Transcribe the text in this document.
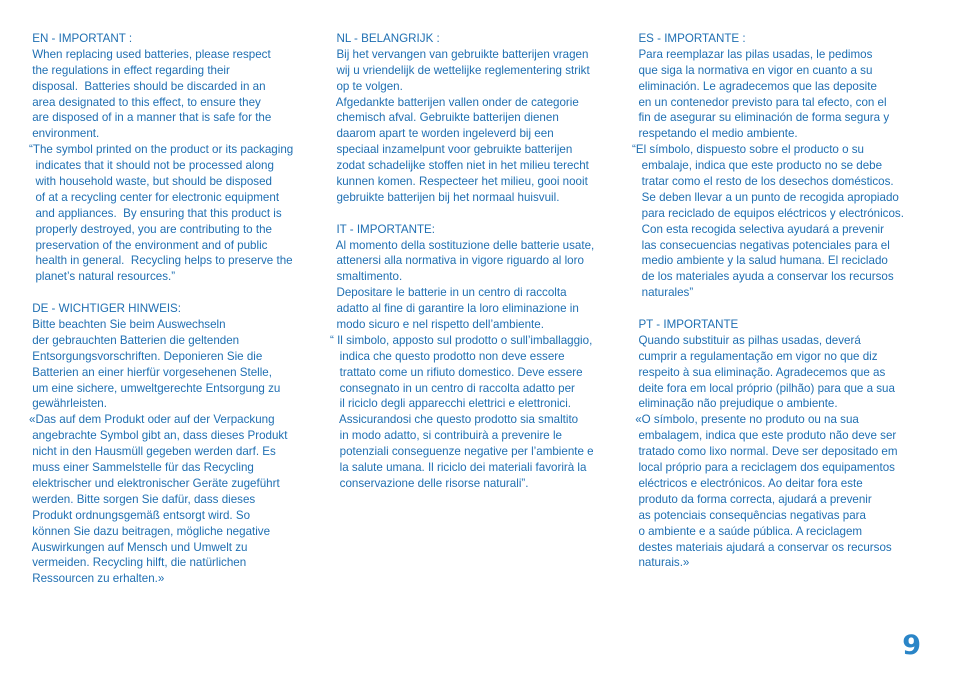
EN - IMPORTANT :
When replacing used batteries, please respect
the regulations in effect regarding their
disposal.  Batteries should be discarded in an
area designated to this effect, to ensure they
are disposed of in a manner that is safe for the
environment.
“The symbol printed on the product or its packaging
indicates that it should not be processed along
with household waste, but should be disposed
of at a recycling center for electronic equipment
and appliances.  By ensuring that this product is
properly destroyed, you are contributing to the
preservation of the environment and of public
health in general.  Recycling helps to preserve the
planet’s natural resources.”
DE - WICHTIGER HINWEIS:
Bitte beachten Sie beim Auswechseln
der gebrauchten Batterien die geltenden
Entsorgungsvorschriften. Deponieren Sie die
Batterien an einer hierfür vorgesehenen Stelle,
um eine sichere, umweltgerechte Entsorgung zu
gewährleisten.
«Das auf dem Produkt oder auf der Verpackung
angebrachte Symbol gibt an, dass dieses Produkt
nicht in den Hausmüll gegeben werden darf. Es
muss einer Sammelstelle für das Recycling
elektrischer und elektronischer Geräte zugeführt
werden. Bitte sorgen Sie dafür, dass dieses
Produkt ordnungsgemäß entsorgt wird. So
können Sie dazu beitragen, mögliche negative
Auswirkungen auf Mensch und Umwelt zu
vermeiden. Recycling hilft, die natürlichen
Ressourcen zu erhalten.»
NL - BELANGRIJK :
Bij het vervangen van gebruikte batterijen vragen
wij u vriendelijk de wettelijke reglementering strikt
op te volgen.
Afgedankte batterijen vallen onder de categorie
chemisch afval. Gebruikte batterijen dienen
daarom apart te worden ingeleverd bij een
speciaal inzamelpunt voor gebruikte batterijen
zodat schadelijke stoffen niet in het milieu terecht
kunnen komen. Respecteer het milieu, gooi nooit
gebruikte batterijen bij het normaal huisvuil.
IT - IMPORTANTE:
Al momento della sostituzione delle batterie usate,
attenersi alla normativa in vigore riguardo al loro
smaltimento.
Depositare le batterie in un centro di raccolta
adatto al fine di garantire la loro eliminazione in
modo sicuro e nel rispetto dell’ambiente.
“ Il simbolo, apposto sul prodotto o sull’imballaggio,
indica che questo prodotto non deve essere
trattato come un rifiuto domestico. Deve essere
consegnato in un centro di raccolta adatto per
il riciclo degli apparecchi elettrici e elettronici.
Assicurandosi che questo prodotto sia smaltito
in modo adatto, si contribuirà a prevenire le
potenziali conseguenze negative per l’ambiente e
la salute umana. Il riciclo dei materiali favorirà la
conservazione delle risorse naturali”.
ES - IMPORTANTE :
Para reemplazar las pilas usadas, le pedimos
que siga la normativa en vigor en cuanto a su
eliminación. Le agradecemos que las deposite
en un contenedor previsto para tal efecto, con el
fin de asegurar su eliminación de forma segura y
respetando el medio ambiente.
“El símbolo, dispuesto sobre el producto o su
embalaje, indica que este producto no se debe
tratar como el resto de los desechos domésticos.
Se deben llevar a un punto de recogida apropiado
para reciclado de equipos eléctricos y electrónicos.
Con esta recogida selectiva ayudará a prevenir
las consecuencias negativas potenciales para el
medio ambiente y la salud humana. El reciclado
de los materiales ayuda a conservar los recursos
naturales”
PT - IMPORTANTE
Quando substituir as pilhas usadas, deverá
cumprir a regulamentação em vigor no que diz
respeito à sua eliminação. Agradecemos que as
deite fora em local próprio (pilhão) para que a sua
eliminação não prejudique o ambiente.
«O símbolo, presente no produto ou na sua
embalagem, indica que este produto não deve ser
tratado como lixo normal. Deve ser depositado em
local próprio para a reciclagem dos equipamentos
eléctricos e electrónicos. Ao deitar fora este
produto da forma correcta, ajudará a prevenir
as potenciais consequências negativas para
o ambiente e a saúde pública. A reciclagem
destes materiais ajudará a conservar os recursos
naturais.»
9
